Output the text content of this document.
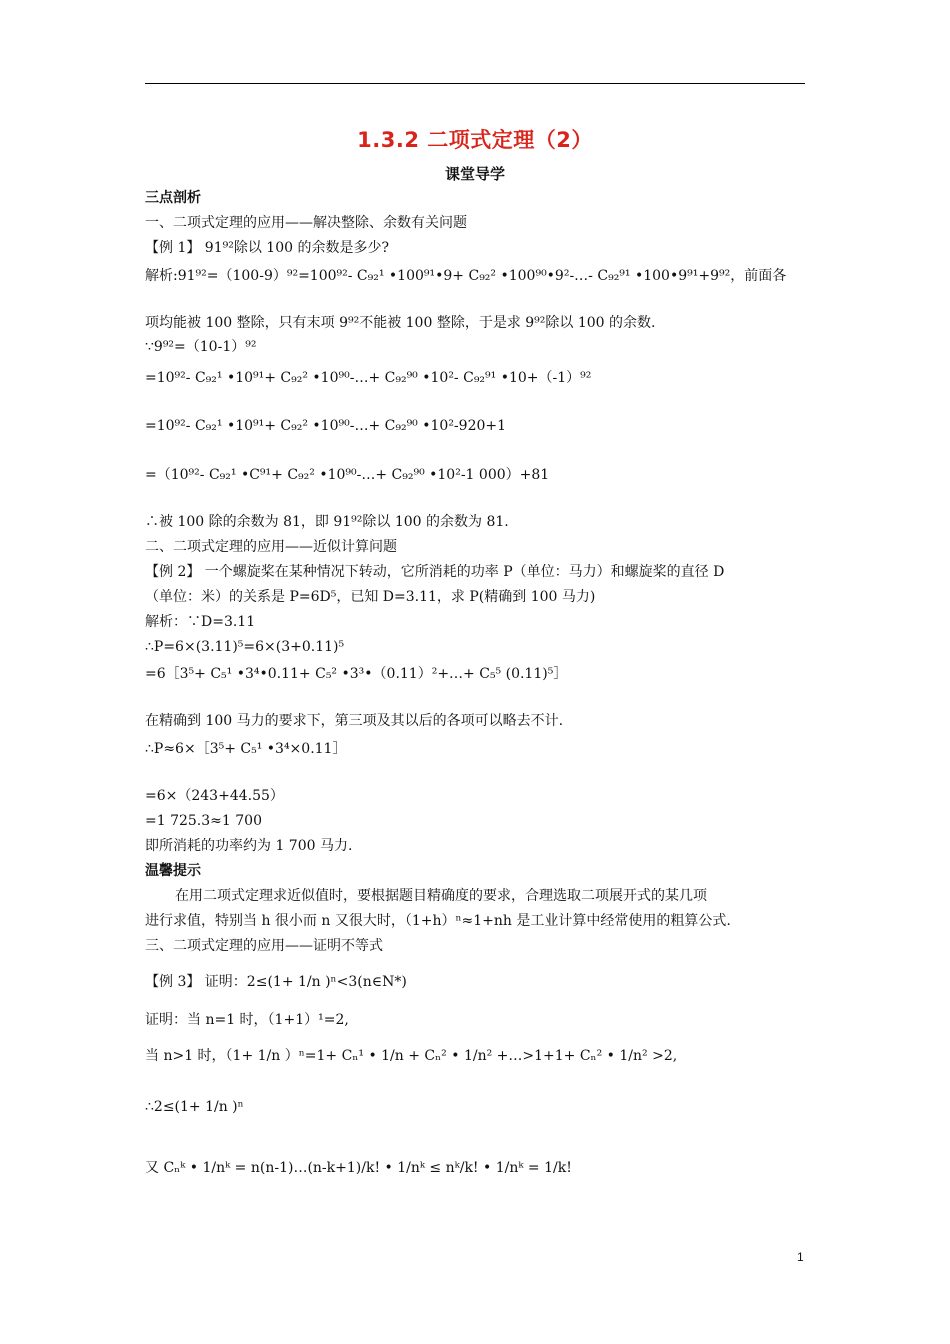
1.3.2 二项式定理（2）
课堂导学
三点剖析
一、二项式定理的应用——解决整除、余数有关问题
【例 1】 91⁹²除以 100 的余数是多少?
解析:91⁹²=（100-9）⁹²=100⁹²- C₉₂¹ •100⁹¹•9+ C₉₂² •100⁹⁰•9²-…- C₉₂⁹¹ •100•9⁹¹+9⁹²，前面各
项均能被 100 整除，只有末项 9⁹²不能被 100 整除，于是求 9⁹²除以 100 的余数.
∵9⁹²=（10-1）⁹²
=10⁹²- C₉₂¹ •10⁹¹+ C₉₂² •10⁹⁰-…+ C₉₂⁹⁰ •10²- C₉₂⁹¹ •10+（-1）⁹²
=10⁹²- C₉₂¹ •10⁹¹+ C₉₂² •10⁹⁰-…+ C₉₂⁹⁰ •10²-920+1
=（10⁹²- C₉₂¹ •C⁹¹+ C₉₂² •10⁹⁰-…+ C₉₂⁹⁰ •10²-1 000）+81
∴被 100 除的余数为 81，即 91⁹²除以 100 的余数为 81.
二、二项式定理的应用——近似计算问题
【例 2】 一个螺旋桨在某种情况下转动，它所消耗的功率 P（单位：马力）和螺旋桨的直径 D
（单位：米）的关系是 P=6D⁵，已知 D=3.11，求 P(精确到 100 马力)
解析：∵D=3.11
∴P=6×(3.11)⁵=6×(3+0.11)⁵
=6［3⁵+ C₅¹ •3⁴•0.11+ C₅² •3³•（0.11）²+…+ C₅⁵ (0.11)⁵］
在精确到 100 马力的要求下，第三项及其以后的各项可以略去不计.
∴P≈6×［3⁵+ C₅¹ •3⁴×0.11］
=6×（243+44.55）
=1 725.3≈1 700
即所消耗的功率约为 1 700 马力.
温馨提示
在用二项式定理求近似值时，要根据题目精确度的要求，合理选取二项展开式的某几项
进行求值，特别当 h 很小而 n 又很大时，（1+h）ⁿ≈1+nh 是工业计算中经常使用的粗算公式.
三、二项式定理的应用——证明不等式
【例 3】 证明：2≤(1+ 1/n )ⁿ<3(n∈N*)
证明：当 n=1 时，（1+1）¹=2,
当 n>1 时，（1+ 1/n ）ⁿ=1+ Cₙ¹ • 1/n + Cₙ² • 1/n² +…>1+1+ Cₙ² • 1/n² >2,
∴2≤(1+ 1/n )ⁿ
又 Cₙᵏ • 1/nᵏ = n(n-1)…(n-k+1)/k! • 1/nᵏ ≤ nᵏ/k! • 1/nᵏ = 1/k!
1
